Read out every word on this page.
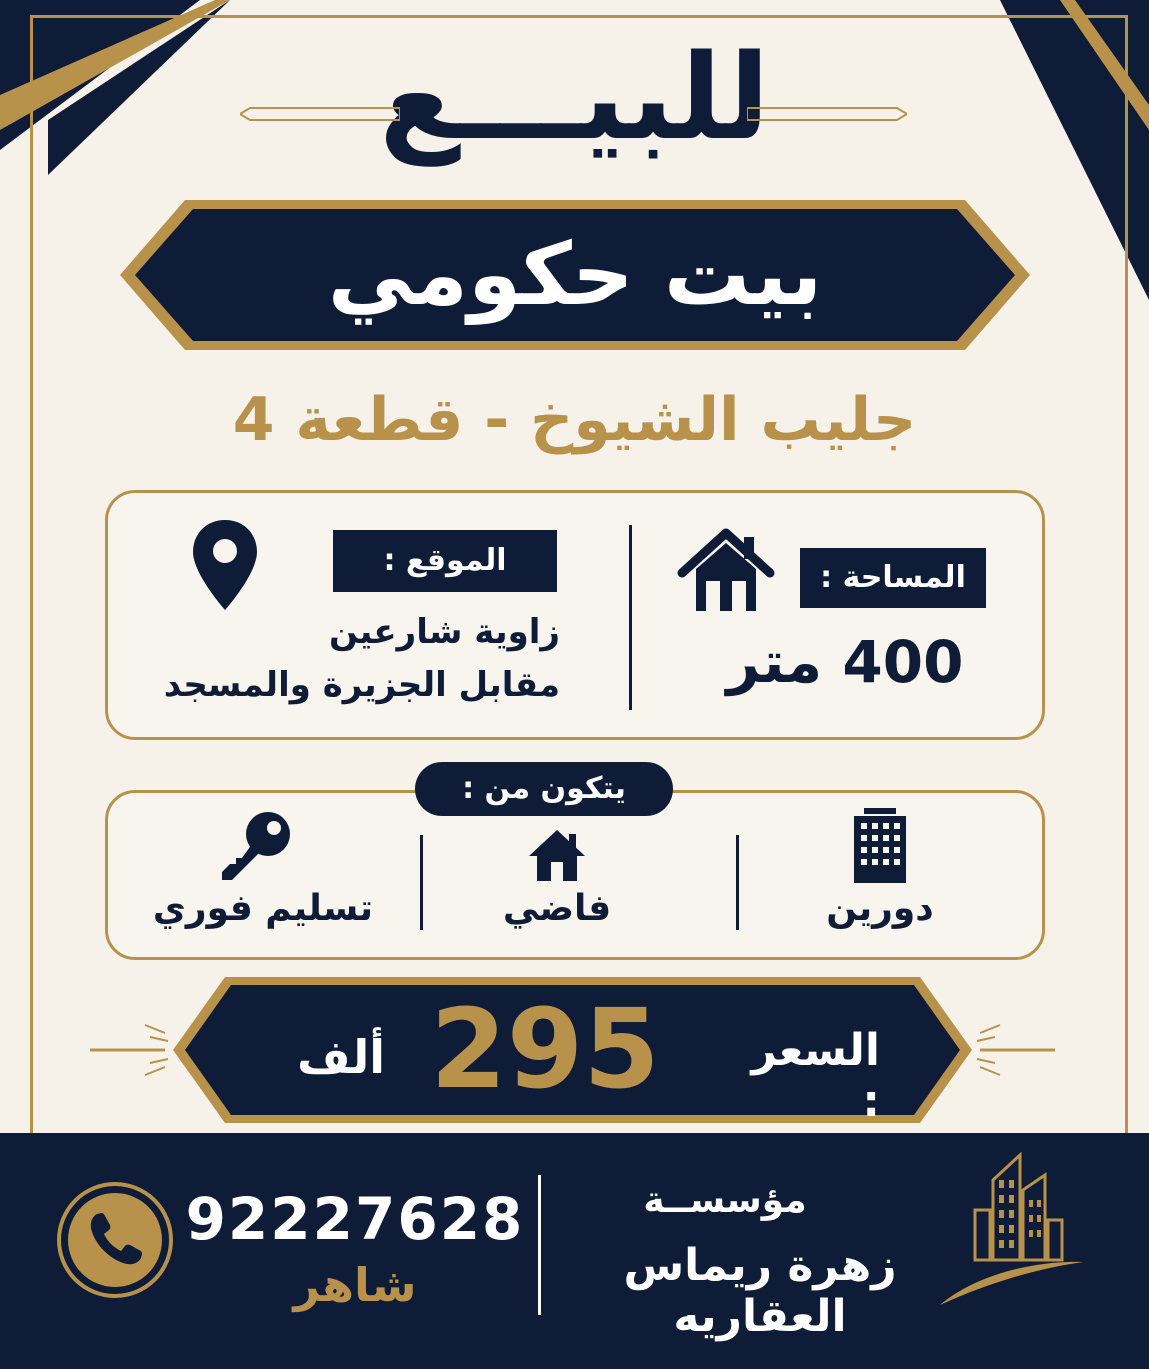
للبيـــع
بيت حكومي
جليب الشيوخ - قطعة 4
المساحة :
400 متر
الموقع :
زاوية شارعين
مقابل الجزيرة والمسجد
يتكون من :
دورين
فاضي
تسليم فوري
السعر :
295
ألف
مؤسســة
زهرة ريماس العقاريه
92227628
شاهر
